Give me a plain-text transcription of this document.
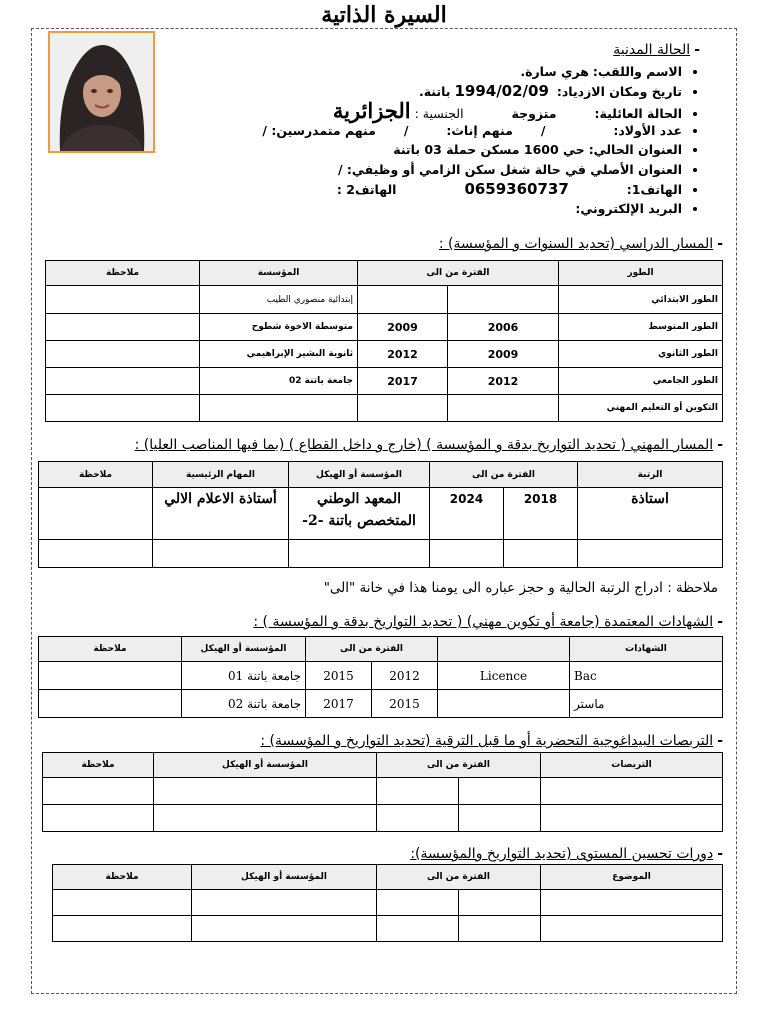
السيرة الذاتية
-الحالة المدنية
• الاسم واللقب: هري سارة.
• تاريخ ومكان الازدياد:  1994/02/09 باتنة.
• الحالة العائلية:  متزوجة  الجنسية : الجزائرية
• عدد الأولاد:  /  منهم إناث:  /  منهم متمدرسين: /
• العنوان الحالي: حي 1600 مسكن حملة 03 باتنة
• العنوان الأصلي في حالة شغل سكن الزامي أو وظيفي: /
• الهاتف1:  0659360737  الهاتف2 :
• البريد الإلكتروني:
-المسار الدراسي (تحديد السنوات و المؤسسة) :
الطور	الفترة من الى		المؤسسة	ملاحظة
الطور الابتدائي			إبتدائية منصوري الطيب	
الطور المتوسط	2006	2009	متوسطة الاخوة شطوح	
الطور الثانوي	2009	2012	ثانوية البشير الإبراهيمي	
الطور الجامعي	2012	2017	جامعة باتنة 02	
التكوين أو التعليم المهني				
-المسار المهني ( تحديد التواريخ بدقة و المؤسسة ) (خارج و داخل القطاع ) (بما فيها المناصب العليا) :
الرتبة	الفترة من الى		المؤسسة أو الهيكل	المهام الرئيسية	ملاحظة
استاذة	2018	2024	المعهد الوطني المتخصص باتنة -2-	أستاذة الاعلام الالي	

ملاحظة : ادراج الرتبة الحالية و حجز عباره الى يومنا هذا في خانة "الى"
-الشهادات المعتمدة (جامعة أو تكوين مهني) ( تحديد التواريخ بدقة و المؤسسة ) :
الشهادات		الفترة من الى		المؤسسة أو الهيكل	ملاحظة
Bac	Licence	2012	2015	جامعة باتنة 01	
ماستر		2015	2017	جامعة باتنة 02	
-التربصات البيداغوجية التحضرية أو ما قبل الترقية (تحديد التواريخ و المؤسسة) :
التربصات	الفترة من الى		المؤسسة أو الهيكل	ملاحظة

-دورات تحسين المستوى (تحديد التواريخ والمؤسسة):
الموضوع	الفترة من الى		المؤسسة أو الهيكل	ملاحظة
